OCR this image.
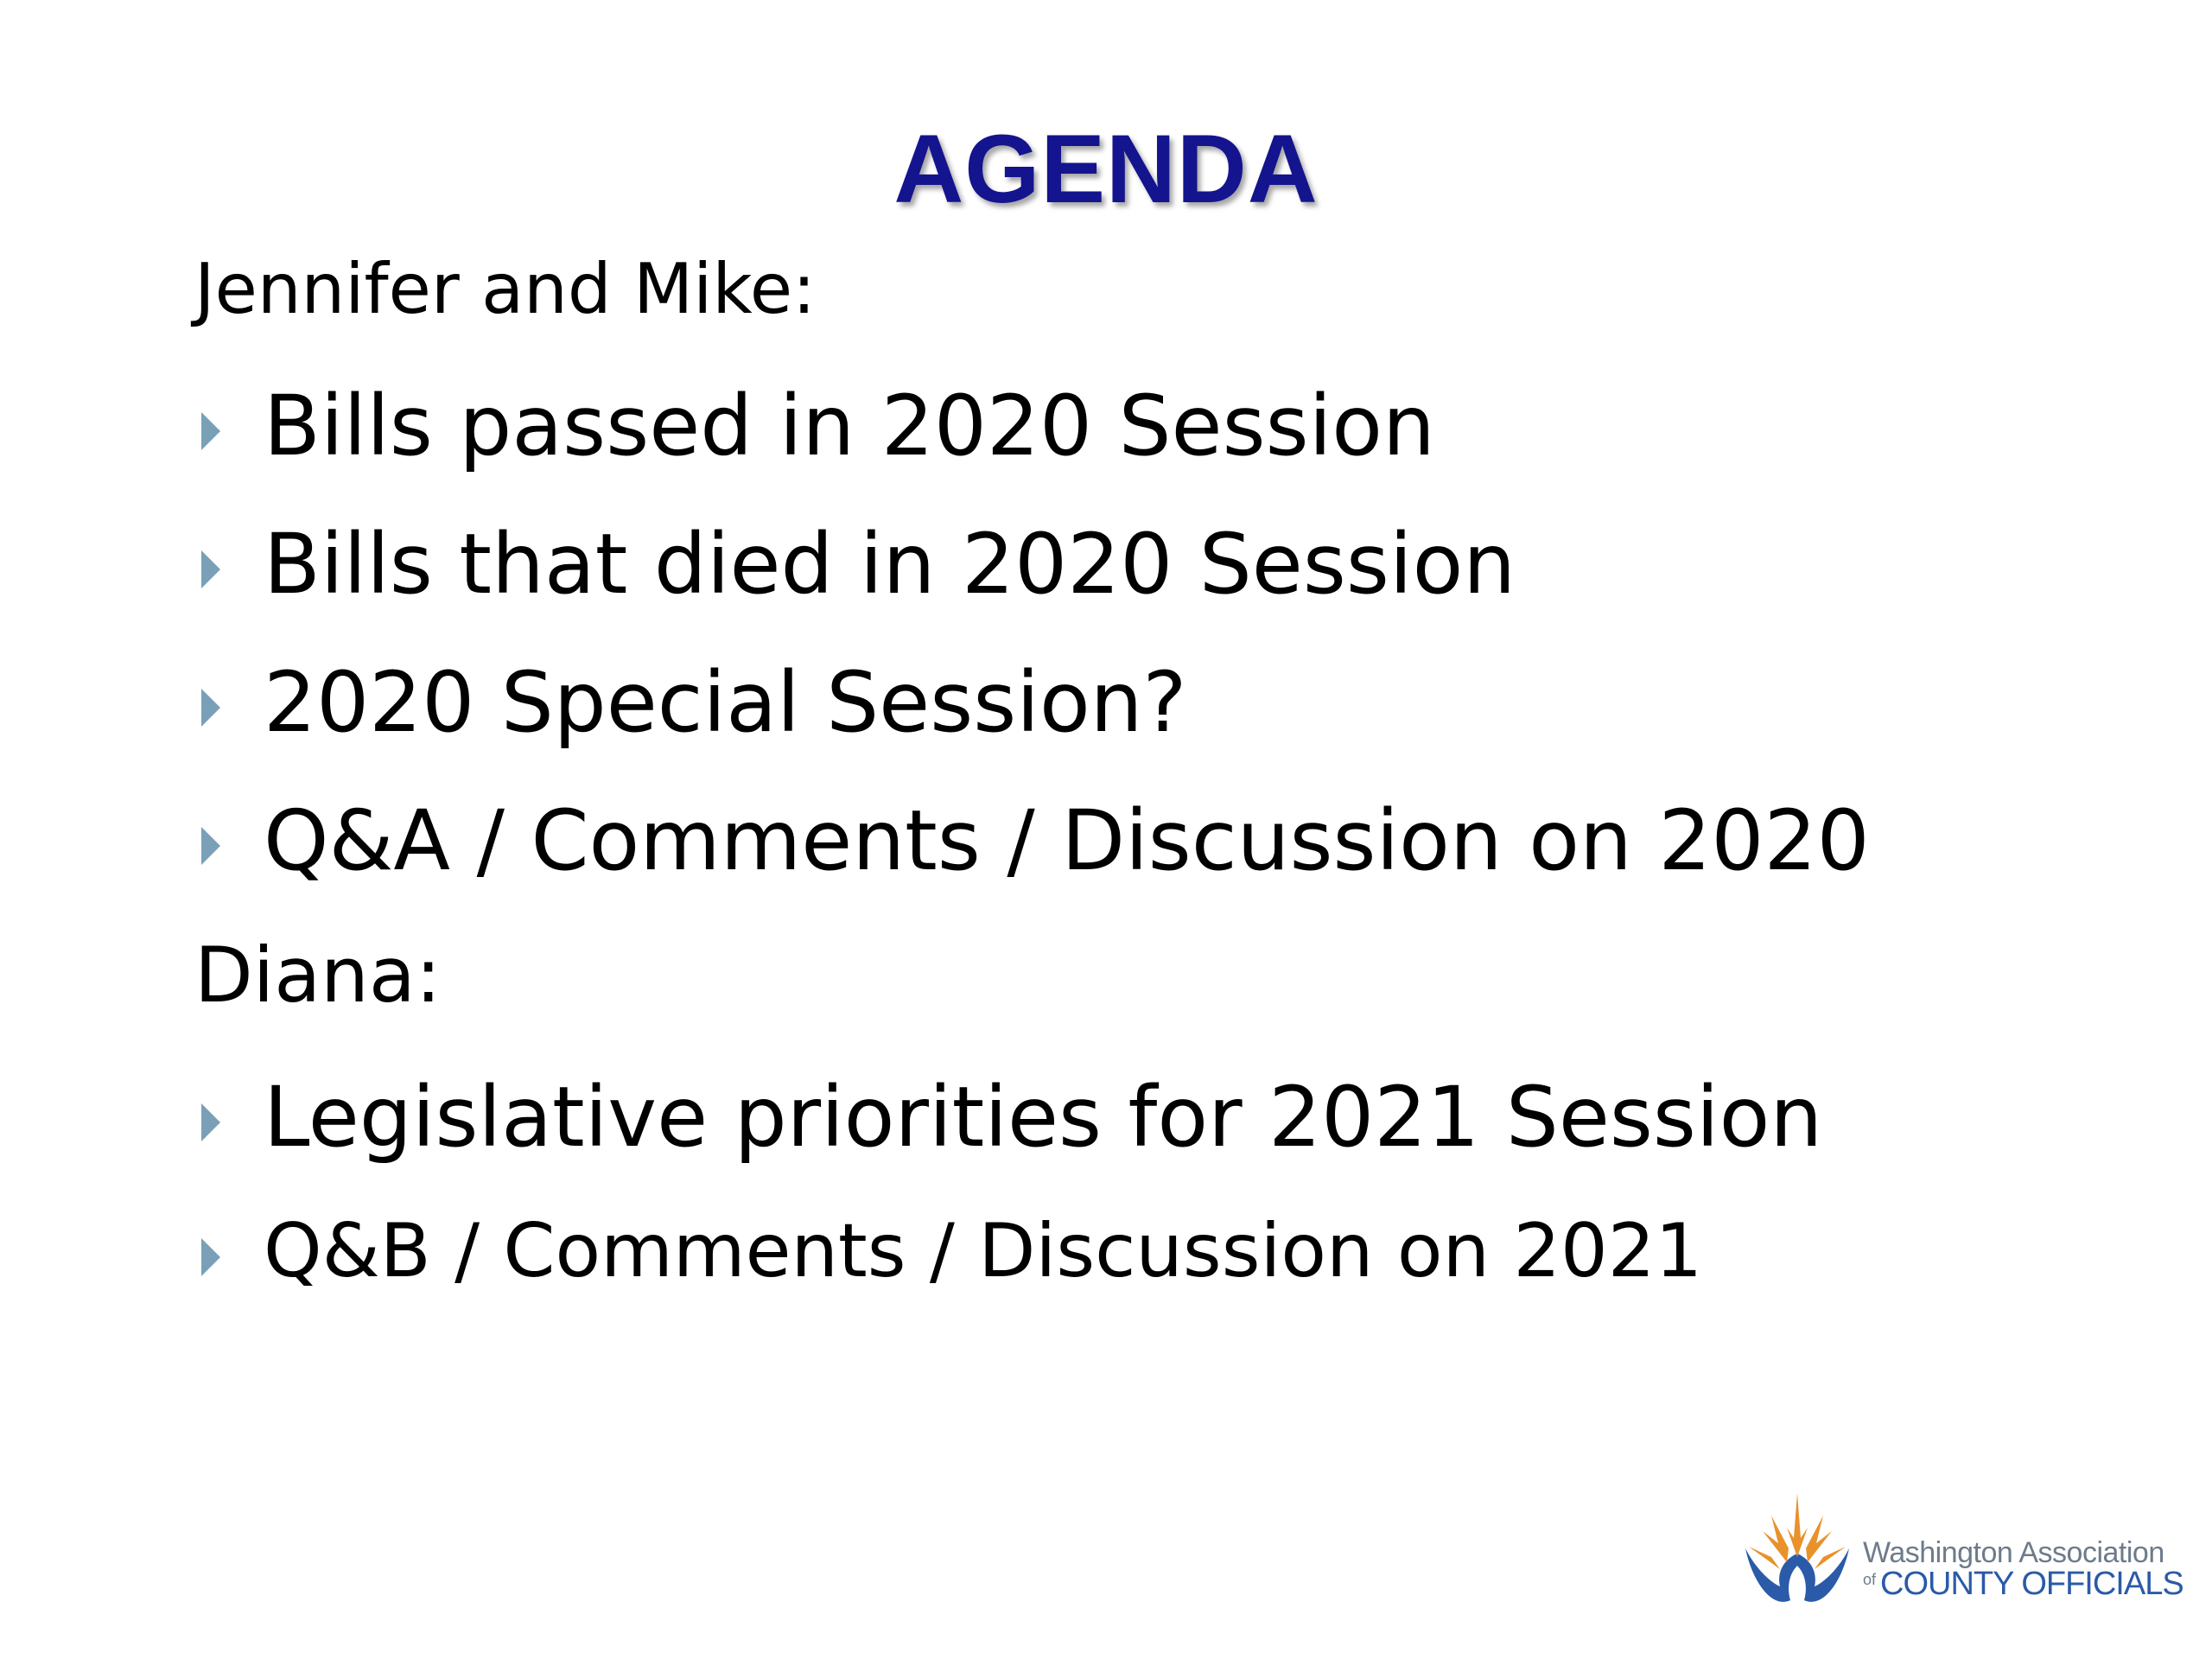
AGENDA
Jennifer and Mike:
Bills passed in 2020 Session
Bills that died in 2020 Session
2020 Special Session?
Q&A / Comments / Discussion on 2020
Diana:
Legislative priorities for 2021 Session
Q&B / Comments / Discussion on 2021
Washington Association
of COUNTY OFFICIALS
